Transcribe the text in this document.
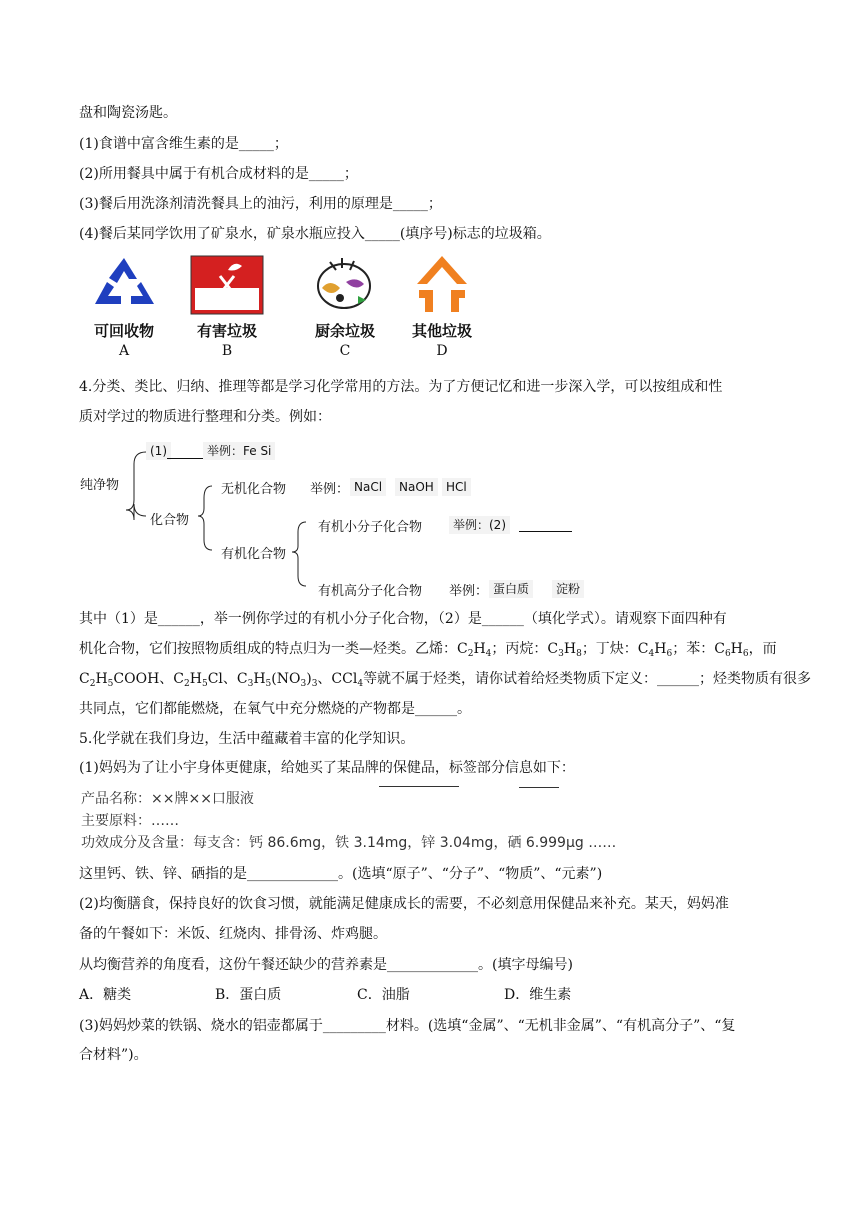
盘和陶瓷汤匙。
(1)食谱中富含维生素的是_____；
(2)所用餐具中属于有机合成材料的是_____；
(3)餐后用洗涤剂清洗餐具上的油污，利用的原理是_____；
(4)餐后某同学饮用了矿泉水，矿泉水瓶应投入_____(填序号)标志的垃圾箱。
可回收物
A
有害垃圾
B
厨余垃圾
C
其他垃圾
D
4.分类、类比、归纳、推理等都是学习化学常用的方法。为了方便记忆和进一步深入学，可以按组成和性
质对学过的物质进行整理和分类。例如：
纯净物
(1)	举例：Fe Si
化合物
无机化合物 举例： NaCl	NaOH	HCl
有机化合物
有机小分子化合物	举例：(2)
有机高分子化合物 举例： 蛋白质	淀粉
其中（1）是______，举一例你学过的有机小分子化合物，（2）是______（填化学式）。请观察下面四种有
机化合物，它们按照物质组成的特点归为一类—烃类。乙烯：$C_2H_4$；丙烷：$C_3H_8$；丁炔：$C_4H_6$；苯：$C_6H_6$，而
$C_2H_5COOH$、$C_2H_5Cl$、$C_3H_5(NO_3)_3$、CCl$_4$等就不属于烃类，请你试着给烃类物质下定义：______；烃类物质有很多
共同点，它们都能燃烧，在氧气中充分燃烧的产物都是______。
5.化学就在我们身边，生活中蕴藏着丰富的化学知识。
(1)妈妈为了让小宇身体更健康，给她买了某品牌的保健品，标签部分信息如下：
产品名称：××牌××口服液
主要原料：……
功效成分及含量：每支含：钙 86.6mg，铁 3.14mg，锌 3.04mg，硒 6.999μg ……
这里钙、铁、锌、硒指的是_____________。(选填“原子”、“分子”、“物质”、“元素”)
(2)均衡膳食，保持良好的饮食习惯，就能满足健康成长的需要，不必刻意用保健品来补充。某天，妈妈准
备的午餐如下：米饭、红烧肉、排骨汤、炸鸡腿。
从均衡营养的角度看，这份午餐还缺少的营养素是_____________。(填字母编号)
A．糖类	B．蛋白质	C．油脂	D．维生素
(3)妈妈炒菜的铁锅、烧水的铝壶都属于_________材料。(选填“金属”、“无机非金属”、“有机高分子”、“复
合材料”)。
